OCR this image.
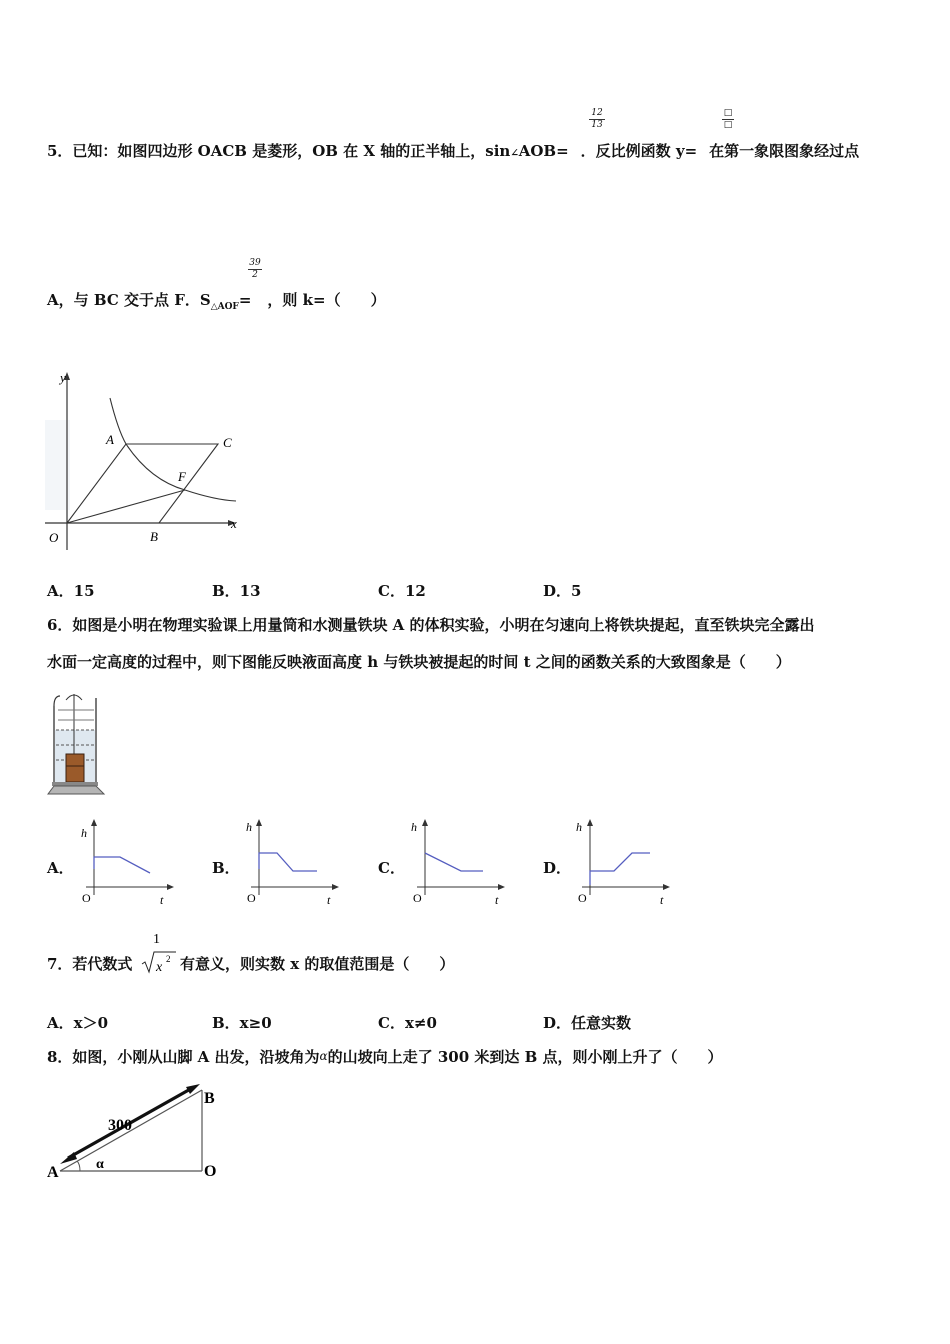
$\frac{12}{13}$	□
□
5．已知：如图四边形 OACB 是菱形，OB 在 X 轴的正半轴上，sin∠AOB= ．反比例函数 y= 在第一象限图象经过点
$\frac{39}{2}$
A，与 BC 交于点 F．$S_{\triangle AOF}=$ ，则 k=（　　）
y
x
O
A	C
F
B
A．15	B．13	C．12	D．5
6．如图是小明在物理实验课上用量筒和水测量铁块 A 的体积实验，小明在匀速向上将铁块提起，直至铁块完全露出
水面一定高度的过程中，则下图能反映液面高度 h 与铁块被提起的时间 t 之间的函数关系的大致图象是（　　）
A．
h
O	t
B．
h
O	t
C．
h
O	t
D．
h
O	t
7．若代数式
1
x
2 有意义，则实数 x 的取值范围是（　　）
A．x＞0	B．x≥0	C．x≠0	D．任意实数
8．如图，小刚从山脚 A 出发，沿坡角为α的山坡向上走了 300 米到达 B 点，则小刚上升了（　　）
A
B
O
300
α
